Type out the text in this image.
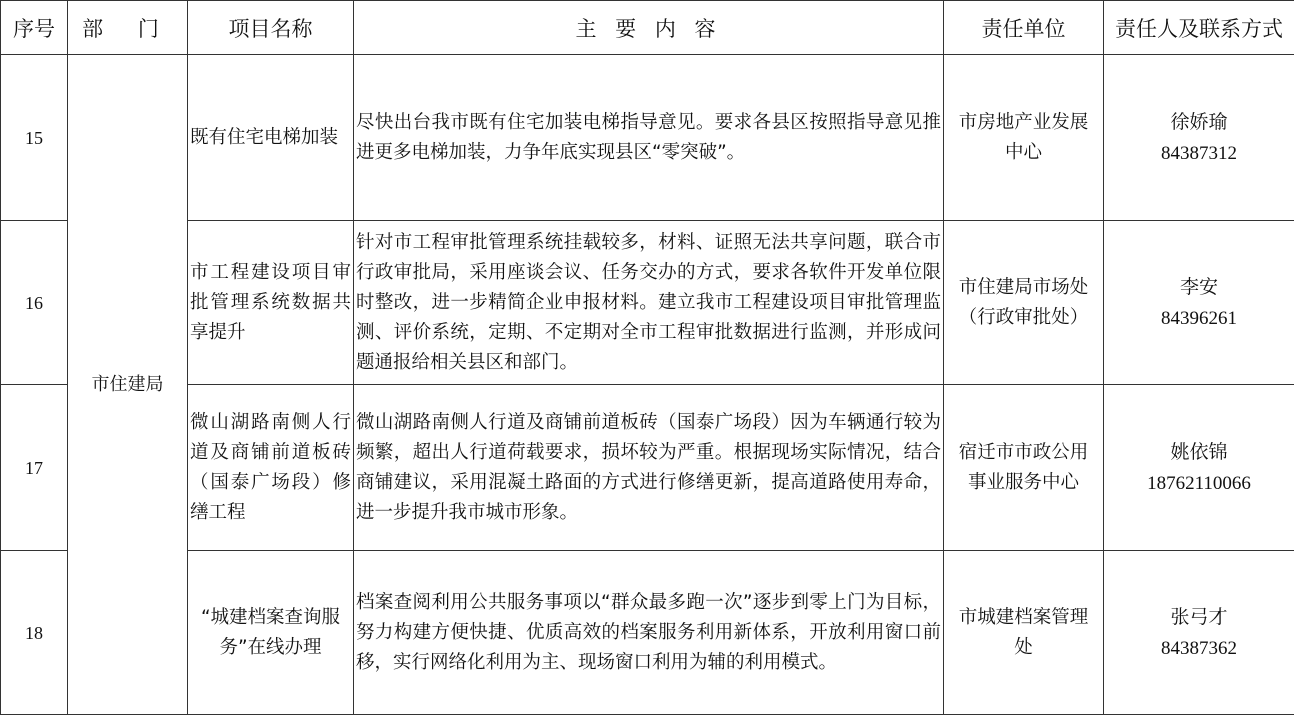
序号	部 门	项目名称	主 要 内 容	责任单位	责任人及联系方式
15	市住建局	既有住宅电梯加装	尽快出台我市既有住宅加装电梯指导意见。要求各县区按照指导意见推进更多电梯加装，力争年底实现县区“零突破”。	市房地产业发展中心	徐娇瑜
84387312

16		市工程建设项目审批管理系统数据共享提升	针对市工程审批管理系统挂载较多，材料、证照无法共享问题，联合市行政审批局，采用座谈会议、任务交办的方式，要求各软件开发单位限时整改，进一步精简企业申报材料。建立我市工程建设项目审批管理监测、评价系统，定期、不定期对全市工程审批数据进行监测，并形成问题通报给相关县区和部门。	市住建局市场处（行政审批处）	李安
84396261

17		微山湖路南侧人行道及商铺前道板砖（国泰广场段）修缮工程	微山湖路南侧人行道及商铺前道板砖（国泰广场段）因为车辆通行较为频繁，超出人行道荷载要求，损坏较为严重。根据现场实际情况，结合商铺建议，采用混凝土路面的方式进行修缮更新，提高道路使用寿命，进一步提升我市城市形象。	宿迁市市政公用事业服务中心	姚依锦
18762110066

18		“城建档案查询服务”在线办理	档案查阅利用公共服务事项以“群众最多跑一次”逐步到零上门为目标，努力构建方便快捷、优质高效的档案服务利用新体系，开放利用窗口前移，实行网络化利用为主、现场窗口利用为辅的利用模式。	市城建档案管理处	张弓才
84387362
